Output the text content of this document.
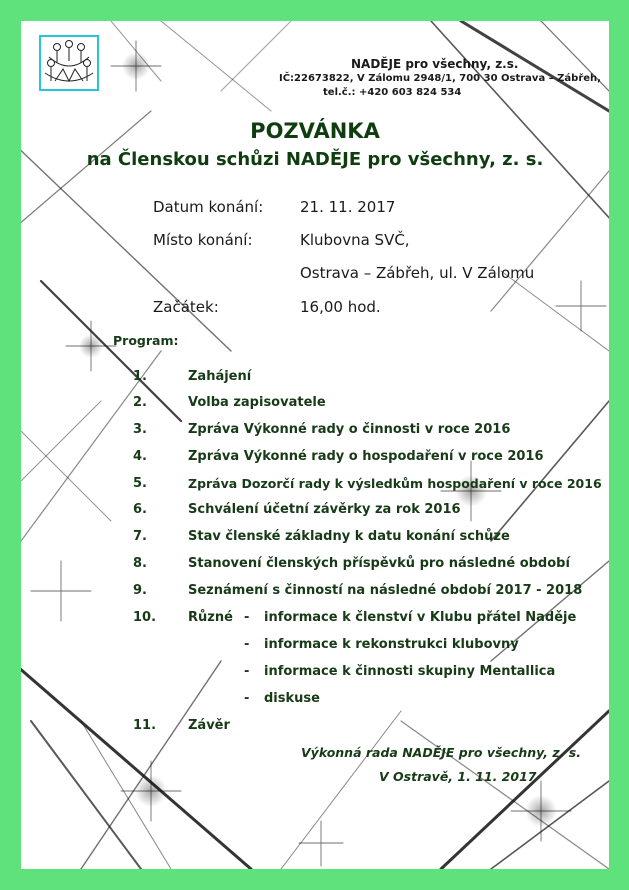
NADĚJE pro všechny, z.s.
IČ:22673822, V Zálomu 2948/1, 700 30 Ostrava – Zábřeh,
tel.č.: +420 603 824 534
POZVÁNKA
na Členskou schůzi NADĚJE pro všechny, z. s.
Datum konání: 21. 11. 2017
Místo konání:	Klubovna SVČ,
Ostrava – Zábřeh, ul. V Zálomu
Začátek:	16,00 hod.
Program:
1.	Zahájení
2.	Volba zapisovatele
3.	Zpráva Výkonné rady o činnosti v roce 2016
4.	Zpráva Výkonné rady o hospodaření v roce 2016
5.	Zpráva Dozorčí rady k výsledkům hospodaření v roce 2016
6.	Schválení účetní závěrky za rok 2016
7.	Stav členské základny k datu konání schůze
8.	Stanovení členských příspěvků pro následné období
9.	Seznámení s činností na následné období 2017 - 2018
10. Různé - informace k členství v Klubu přátel Naděje
- informace k rekonstrukci klubovny
- informace k činnosti skupiny Mentallica
- diskuse
11. Závěr
Výkonná rada NADĚJE pro všechny, z. s.
V Ostravě, 1. 11. 2017
